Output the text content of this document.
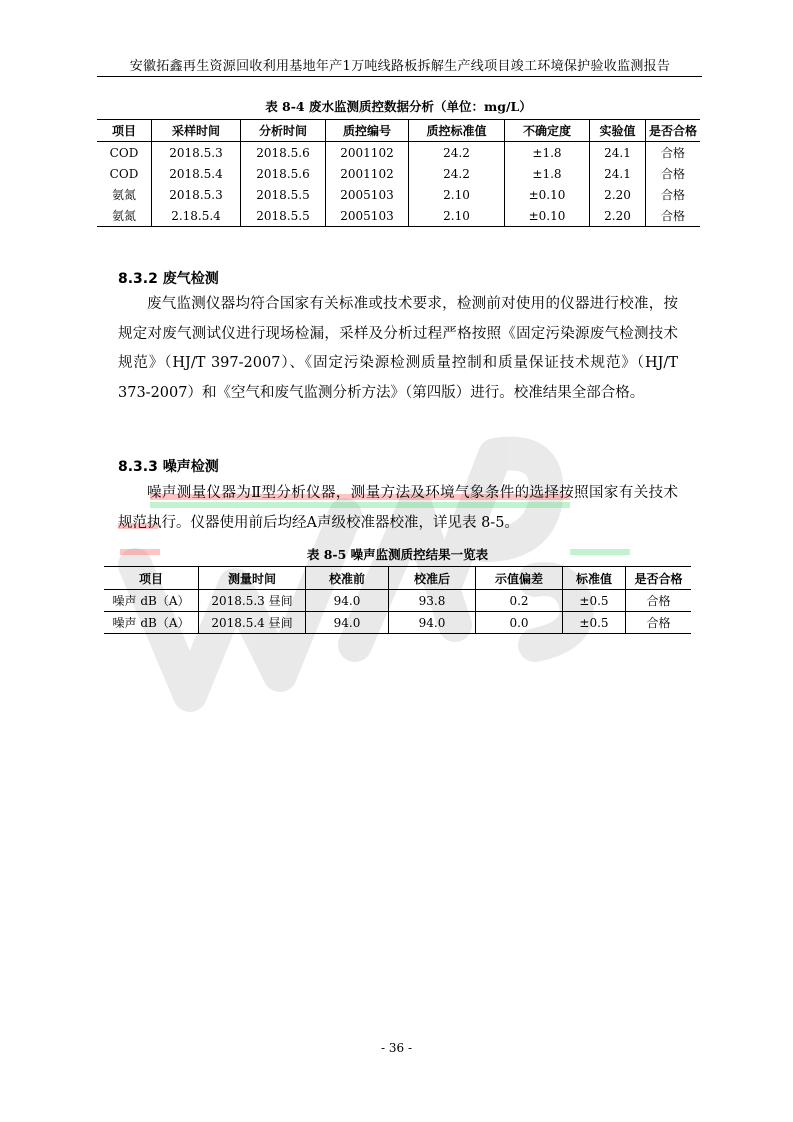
安徽拓鑫再生资源回收利用基地年产1万吨线路板拆解生产线项目竣工环境保护验收监测报告
表 8-4 废水监测质控数据分析（单位：mg/L）
项目	采样时间	分析时间	质控编号	质控标准值	不确定度	实验值	是否合格
COD	2018.5.3	2018.5.6	2001102	24.2	±1.8	24.1	合格
COD	2018.5.4	2018.5.6	2001102	24.2	±1.8	24.1	合格
氨氮	2018.5.3	2018.5.5	2005103	2.10	±0.10	2.20	合格
氨氮	2.18.5.4	2018.5.5	2005103	2.10	±0.10	2.20	合格
8.3.2 废气检测

废气监测仪器均符合国家有关标准或技术要求，检测前对使用的仪器进行校准，按规定对废气测试仪进行现场检漏，采样及分析过程严格按照《固定污染源废气检测技术规范》（HJ/T 397-2007）、《固定污染源检测质量控制和质量保证技术规范》（HJ/T 373-2007）和《空气和废气监测分析方法》（第四版）进行。校准结果全部合格。

8.3.3 噪声检测

噪声测量仪器为Ⅱ型分析仪器，测量方法及环境气象条件的选择按照国家有关技术规范执行。仪器使用前后均经A声级校准器校准，详见表 8-5。

表 8-5 噪声监测质控结果一览表
项目	测量时间	校准前	校准后	示值偏差	标准值	是否合格
噪声 dB（A）	2018.5.3 昼间	94.0	93.8	0.2	±0.5	合格
噪声 dB（A）	2018.5.4 昼间	94.0	94.0	0.0	±0.5	合格
- 36 -
